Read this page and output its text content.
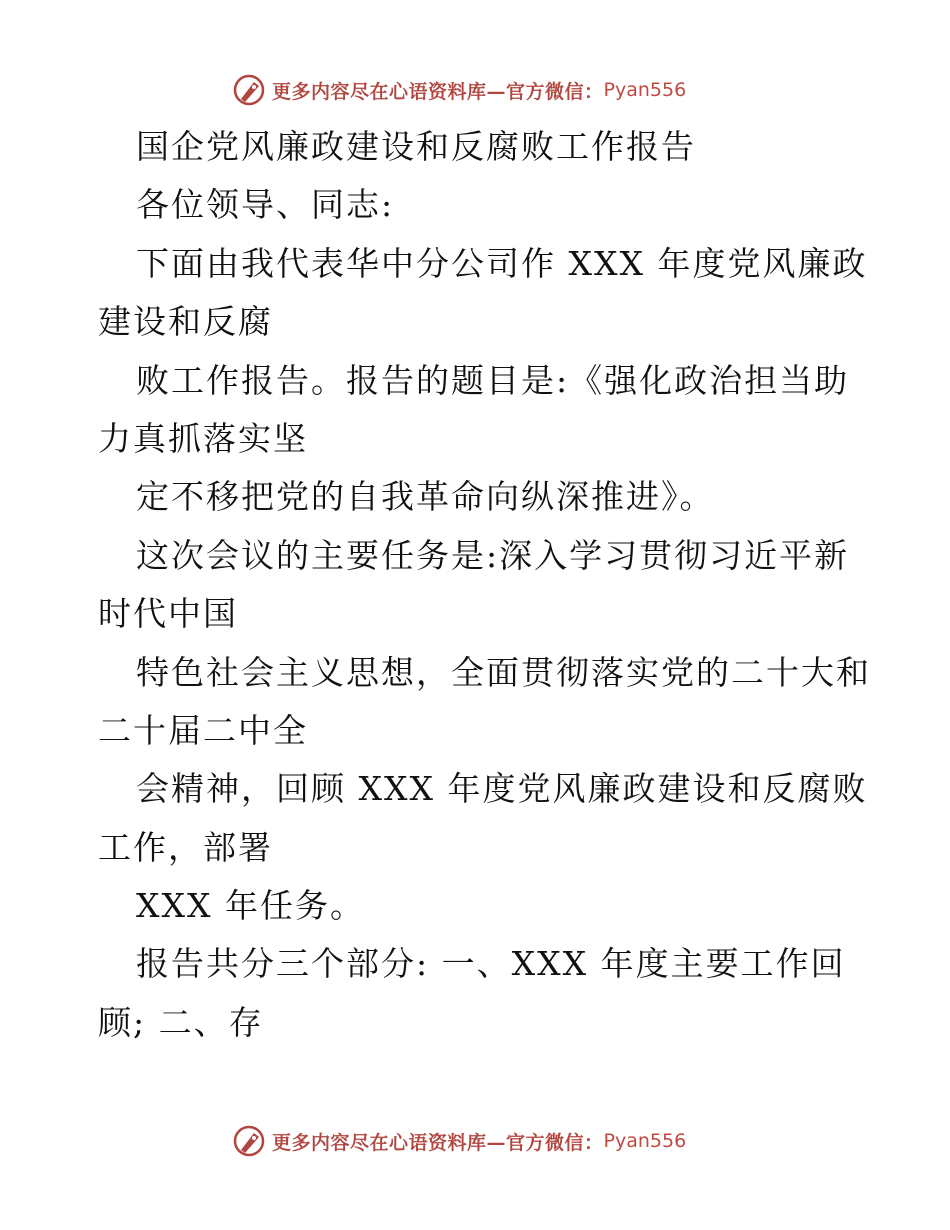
更多内容尽在心语资料库—官方微信： Pyan556
国企党风廉政建设和反腐败工作报告
各位领导、同志:
下面由我代表华中分公司作 XXX 年度党风廉政
建设和反腐
败工作报告。报告的题目是:《强化政治担当助
力真抓落实坚
定不移把党的自我革命向纵深推进》。
这次会议的主要任务是:深入学习贯彻习近平新
时代中国
特色社会主义思想，全面贯彻落实党的二十大和
二十届二中全
会精神，回顾 XXX 年度党风廉政建设和反腐败
工作，部署
XXX 年任务。
报告共分三个部分: 一、XXX 年度主要工作回
顾; 二、存
更多内容尽在心语资料库—官方微信： Pyan556
